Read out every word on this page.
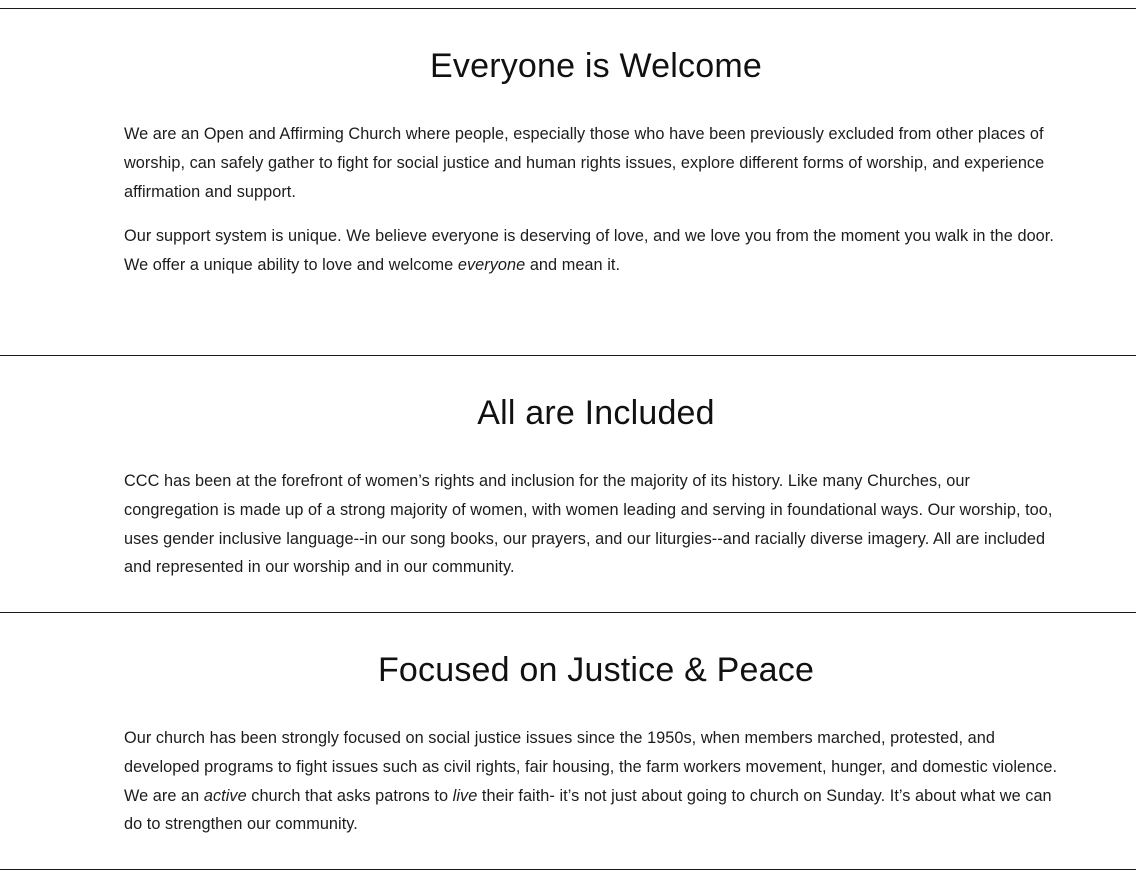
Everyone is Welcome

We are an Open and Affirming Church where people, especially those who have been previously excluded from other places of worship, can safely gather to fight for social justice and human rights issues, explore different forms of worship, and experience affirmation and support.

Our support system is unique. We believe everyone is deserving of love, and we love you from the moment you walk in the door. We offer a unique ability to love and welcome everyone and mean it.

All are Included

CCC has been at the forefront of women’s rights and inclusion for the majority of its history. Like many Churches, our congregation is made up of a strong majority of women, with women leading and serving in foundational ways. Our worship, too, uses gender inclusive language--in our song books, our prayers, and our liturgies--and racially diverse imagery. All are included and represented in our worship and in our community.

Focused on Justice & Peace

Our church has been strongly focused on social justice issues since the 1950s, when members marched, protested, and developed programs to fight issues such as civil rights, fair housing, the farm workers movement, hunger, and domestic violence. We are an active church that asks patrons to live their faith- it’s not just about going to church on Sunday. It’s about what we can do to strengthen our community.
